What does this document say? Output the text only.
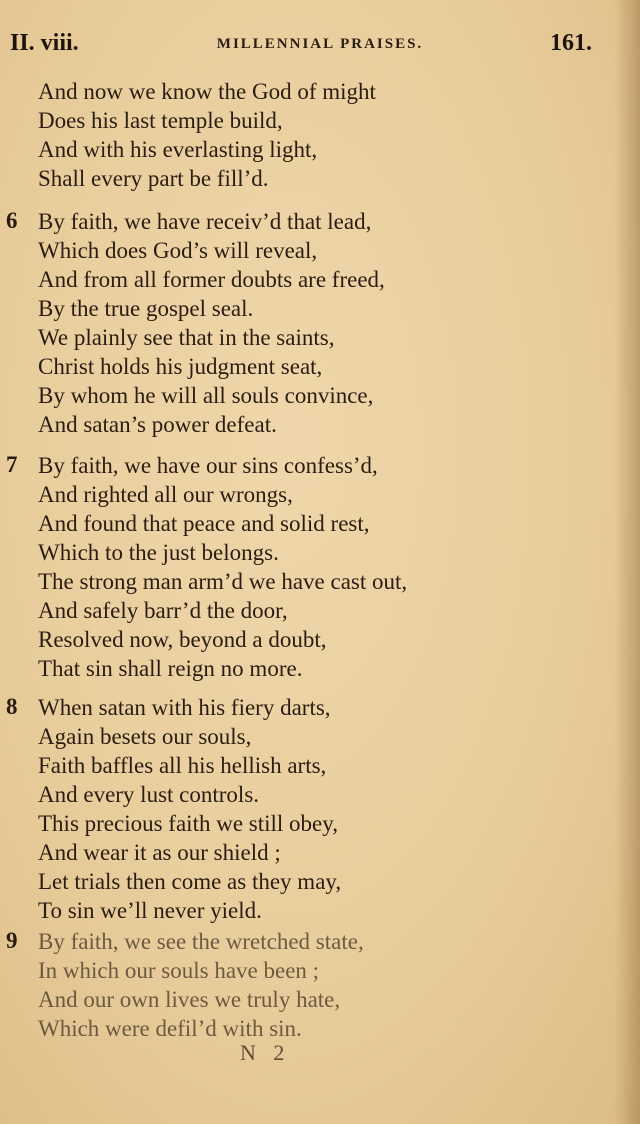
II. viii.	MILLENNIAL PRAISES.	161.
And now we know the God of might
Does his last temple build,
And with his everlasting light,
Shall every part be fill’d.
6 By faith, we have receiv’d that lead,
Which does God’s will reveal,
And from all former doubts are freed,
By the true gospel seal.
We plainly see that in the saints,
Christ holds his judgment seat,
By whom he will all souls convince,
And satan’s power defeat.
7 By faith, we have our sins confess’d,
And righted all our wrongs,
And found that peace and solid rest,
Which to the just belongs.
The strong man arm’d we have cast out,
And safely barr’d the door,
Resolved now, beyond a doubt,
That sin shall reign no more.
8 When satan with his fiery darts,
Again besets our souls,
Faith baffles all his hellish arts,
And every lust controls.
This precious faith we still obey,
And wear it as our shield ;
Let trials then come as they may,
To sin we’ll never yield.
9 By faith, we see the wretched state,
In which our souls have been ;
And our own lives we truly hate,
Which were defil’d with sin.
N 2
